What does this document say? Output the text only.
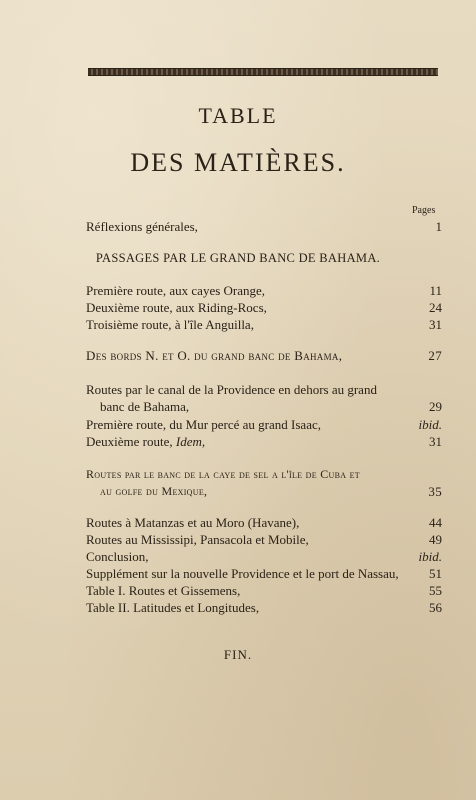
TABLE
DES MATIÈRES.
Pages
Réflexions générales,	1
PASSAGES PAR LE GRAND BANC DE BAHAMA.
Première route, aux cayes Orange,	11
Deuxième route, aux Riding-Rocs,	24
Troisième route, à l'île Anguilla,	31
Des bords N. et O. du grand banc de Bahama,	27
Routes par le canal de la Providence en dehors au grand
banc de Bahama,	29
Première route, du Mur percé au grand Isaac,	ibid.
Deuxième route, Idem,	31
Routes par le banc de la caye de sel a l'île de Cuba et
au golfe du Mexique,	35
Routes à Matanzas et au Moro (Havane),	44
Routes au Mississipi, Pansacola et Mobile,	49
Conclusion,	ibid.
Supplément sur la nouvelle Providence et le port de Nassau,	51
Table I. Routes et Gissemens,	55
Table II. Latitudes et Longitudes,	56
FIN.
